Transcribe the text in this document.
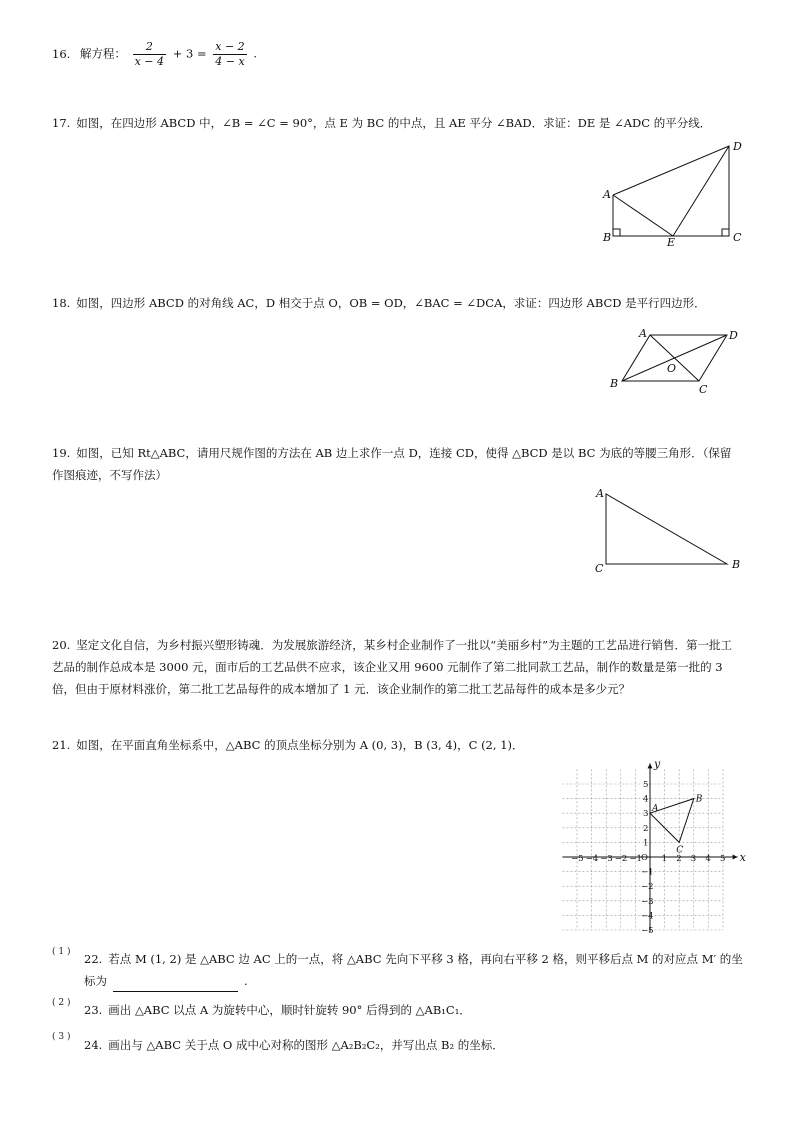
16. 解方程： $\frac{2}{x - 4} + 3 = \frac{x - 2}{4 - x}$ .
17. 如图，在四边形 ABCD 中，∠B = ∠C = 90°，点 E 为 BC 的中点，且 AE 平分 ∠BAD．求证：DE 是 ∠ADC 的平分线．
A
B	C
D
E
18. 如图，四边形 ABCD 的对角线 AC，D 相交于点 O，OB = OD，∠BAC = ∠DCA，求证：四边形 ABCD 是平行四边形．
A
B	C
D
O
19. 如图，已知 Rt△ABC，请用尺规作图的方法在 AB 边上求作一点 D，连接 CD，使得 △BCD 是以 BC 为底的等腰三角形．（保留作图痕迹，不写作法）
A
C	B
20. 坚定文化自信，为乡村振兴塑形铸魂．为发展旅游经济，某乡村企业制作了一批以“美丽乡村”为主题的工艺品进行销售．第一批工艺品的制作总成本是 3000 元，面市后的工艺品供不应求，该企业又用 9600 元制作了第二批同款工艺品，制作的数量是第一批的 3 倍，但由于原材料涨价，第二批工艺品每件的成本增加了 1 元．该企业制作的第二批工艺品每件的成本是多少元？
21. 如图，在平面直角坐标系中，△ABC 的顶点坐标分别为 A (0, 3)，B (3, 4)，C (2, 1)．
x
y
O
−5 −4 −3 −2 −1 1 2 3 4 5
5
4
3
2
1
−1
−2
−3
−4
−5
A
B
C
( 1 ) 22. 若点 M (1, 2) 是 △ABC 边 AC 上的一点，将 △ABC 先向下平移 3 格，再向右平移 2 格，则平移后点 M 的对应点 M′ 的坐标为	.
( 2 ) 23. 画出 △ABC 以点 A 为旋转中心，顺时针旋转 90° 后得到的 △AB₁C₁．
( 3 )
24. 画出与 △ABC 关于点 O 成中心对称的图形 △A₂B₂C₂，并写出点 B₂ 的坐标．
